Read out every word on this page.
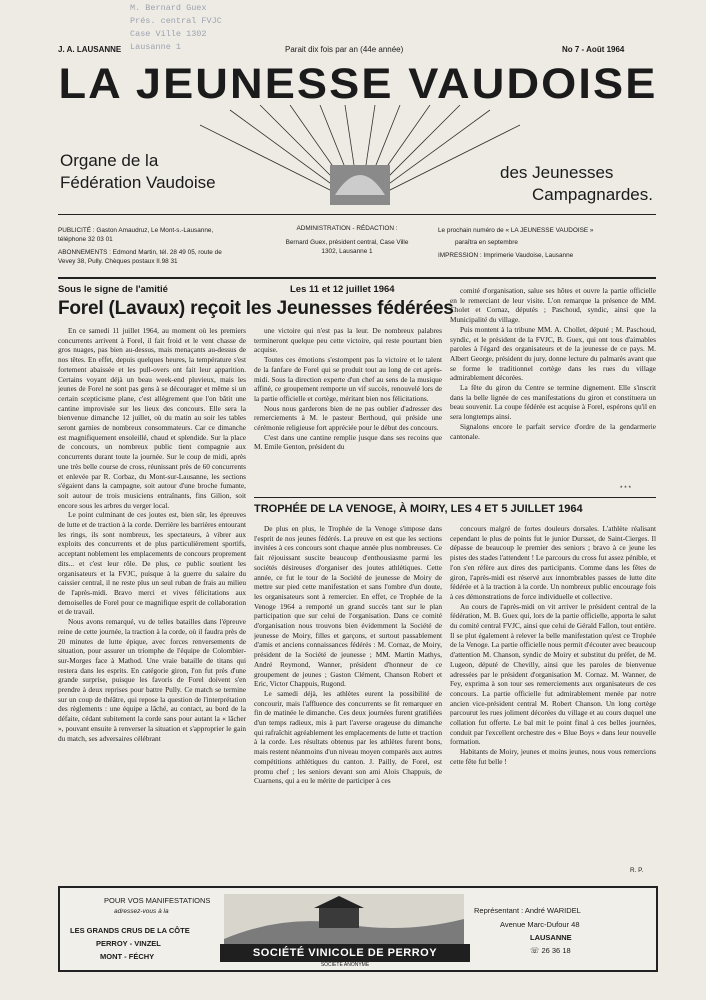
M. Bernard Guex
Prés. central FVJC
Case Ville 1302
Lausanne 1
J. A. LAUSANNE	Parait dix fois par an (44e année)	No 7 - Août 1964
LA JEUNESSE VAUDOISE
Organe de la
Fédération Vaudoise
des Jeunesses
Campagnardes.
PUBLICITÉ : Gaston Amaudruz, Le Mont-s.-Lausanne, téléphone 32 03 01
ABONNEMENTS : Edmond Martin, tél. 28 49 05, route de Vevey 38, Pully. Chèques postaux II.98 31
ADMINISTRATION - RÉDACTION :
Bernard Guex, président central, Case Ville 1302, Lausanne 1
Le prochain numéro de « LA JEUNESSE VAUDOISE »
paraîtra en septembre
IMPRESSION : Imprimerie Vaudoise, Lausanne
Sous le signe de l'amitié	Les 11 et 12 juillet 1964
Forel (Lavaux) reçoit les Jeunesses fédérées

En ce samedi 11 juillet 1964, au moment où les premiers concurrents arrivent à Forel, il fait froid et le vent chasse de gros nuages, pas bien au-dessus, mais menaçants au-dessus de nos têtes. En effet, depuis quelques heures, la température s'est fortement abaissée et les pull-overs ont fait leur apparition. Certains voyant déjà un beau week-end pluvieux, mais les jeunes de Forel ne sont pas gens à se décourager et même si un certain scepticisme plane, c'est allègrement que l'on bâtit une cantine improvisée sur les lieux des concours. Elle sera la bienvenue dimanche 12 juillet, où du matin au soir les tables seront garnies de nombreux consommateurs. Car ce dimanche est magnifiquement ensoleillé, chaud et splendide. Sur la place de concours, un nombreux public tient compagnie aux concurrents durant toute la journée. Sur le coup de midi, après une très belle course de cross, réunissant près de 60 concurrents et enlevée par R. Corbaz, du Mont-sur-Lausanne, les sections s'égaient dans la campagne, soit autour d'une broche fumante, soit autour de trois musiciens entraînants, fins Gilion, soit encore sous les arbres du verger local.

Le point culminant de ces joutes est, bien sûr, les épreuves de lutte et de traction à la corde. Derrière les barrières entourant les rings, ils sont nombreux, les spectateurs, à vibrer aux exploits des concurrents et de plus particulièrement sportifs, acceptant noblement les emplacements de concours proprement dits... et c'est leur rôle. De plus, ce public soutient les organisateurs et la FVJC, puisque à la guerre du salaire du caissier central, il ne reste plus un seul ruban de frais au milieu de l'après-midi. Bravo merci et vives félicitations aux demoiselles de Forel pour ce magnifique esprit de collaboration et de travail.

Nous avons remarqué, vu de telles batailles dans l'épreuve reine de cette journée, la traction à la corde, où il faudra près de 20 minutes de lutte épique, avec forces renversements de situation, pour assurer un triomphe de l'équipe de Colombier-sur-Morges face à Mathod. Une vraie bataille de titans qui restera dans les esprits. En catégorie giron, l'on fut près d'une grande surprise, puisque les favoris de Forel doivent s'en prendre à deux reprises pour battre Pully. Ce match se termine sur un coup de théâtre, qui repose la question de l'interprétation des règlements : une équipe a lâché, au contact, au bord de la défaite, cédant subitement la corde sans pour autant la « lâcher », pouvant ensuite à renverser la situation et s'approprier le gain du match, ses adversaires célébrant

une victoire qui n'est pas la leur. De nombreux palabres termineront quelque peu cette victoire, qui reste pourtant bien acquise.

Toutes ces émotions s'estompent pas la victoire et le talent de la fanfare de Forel qui se produit tout au long de cet après-midi. Sous la direction experte d'un chef au sens de la musique affiné, ce groupement remporte un vif succès, renouvelé lors de la partie officielle et cortège, méritant bien nos félicitations.

Nous nous garderons bien de ne pas oublier d'adresser des remerciements à M. le pasteur Berthoud, qui préside une cérémonie religieuse fort appréciée pour le début des concours.

C'est dans une cantine remplie jusque dans ses recoins que M. Emile Genton, président du

comité d'organisation, salue ses hôtes et ouvre la partie officielle en le remerciant de leur visite. L'on remarque la présence de MM. Cholet et Cornaz, députés ; Paschoud, syndic, ainsi que la Municipalité du village.

Puis montent à la tribune MM. A. Chollet, député ; M. Paschoud, syndic, et le président de la FVJC, B. Guex, qui ont tous d'aimables paroles à l'égard des organisateurs et de la jeunesse de ce pays. M. Albert George, président du jury, donne lecture du palmarès avant que se forme le traditionnel cortège dans les rues du village admirablement décorées.

La fête du giron du Centre se termine dignement. Elle s'inscrit dans la belle lignée de ces manifestations du giron et constituera un beau souvenir. La coupe fédérée est acquise à Forel, espérons qu'il en sera longtemps ainsi.

Signalons encore le parfait service d'ordre de la gendarmerie cantonale.

* * *
TROPHÉE DE LA VENOGE, À MOIRY, LES 4 ET 5 JUILLET 1964

De plus en plus, le Trophée de la Venoge s'impose dans l'esprit de nos jeunes fédérés. La preuve en est que les sections invitées à ces concours sont chaque année plus nombreuses. Ce fait réjouissant suscite beaucoup d'enthousiasme parmi les sociétés désireuses d'organiser des joutes athlétiques. Cette année, ce fut le tour de la Société de jeunesse de Moiry de mettre sur pied cette manifestation et sans l'ombre d'un doute, les organisateurs sont à remercier. En effet, ce Trophée de la Venoge 1964 a remporté un grand succès tant sur le plan participation que sur celui de l'organisation. Dans ce comité d'organisation nous trouvons bien évidemment la Société de jeunesse de Moiry, filles et garçons, et surtout passablement d'amis et anciens connaissances fédérés : M. Cornaz, de Moiry, président de la Société de jeunesse ; MM. Martin Mathys, André Reymond, Wanner, président d'honneur de ce groupement de jeunes ; Gaston Clément, Chanson Robert et Eric, Victor Chappuis, Rugond.

Le samedi déjà, les athlètes eurent la possibilité de concourir, mais l'affluence des concurrents se fit remarquer en fin de matinée le dimanche. Ces deux journées furent gratifiées d'un temps radieux, mis à part l'averse orageuse du dimanche qui rafraîchit agréablement les emplacements de lutte et traction à la corde. Les résultats obtenus par les athlètes furent bons, mais restent néanmoins d'un niveau moyen comparés aux autres compétitions athlétiques du canton. J. Pailly, de Forel, est promu chef ; les seniors devant son ami Alois Chappuis, de Cuarnens, qui a eu le mérite de participer à ces

concours malgré de fortes douleurs dorsales. L'athlète réalisant cependant le plus de points fut le junior Dursset, de Saint-Cierges. Il dépasse de beaucoup le premier des seniors ; bravo à ce jeune les pistes des stades l'attendent ! Le parcours du cross fut assez pénible, et l'on s'en réfère aux dires des participants. Comme dans les fêtes de giron, l'après-midi est réservé aux innombrables passes de lutte dite fédérée et à la traction à la corde. Un nombreux public encourage fois à ces démonstrations de force individuelle et collective.

Au cours de l'après-midi on vit arriver le président central de la fédération, M. B. Guex qui, lors de la partie officielle, apporta le salut du comité central FVJC, ainsi que celui de Gérald Fallon, tout entière. Il se plut également à relever la belle manifestation qu'est ce Trophée de la Venoge. La partie officielle nous permit d'écouter avec beaucoup d'attention M. Chanson, syndic de Moiry et substitut du préfet, de M. Lugeon, député de Chevilly, ainsi que les paroles de bienvenue adressées par le président d'organisation M. Cornaz. M. Wanner, de Fey, exprima à son tour ses remerciements aux organisateurs de ces concours. La partie officielle fut admirablement menée par notre ancien vice-président central M. Robert Chanson. Un long cortège parcourut les rues joliment décorées du village et au cours duquel une collation fut offerte. Le bal mit le point final à ces belles journées, conduit par l'excellent orchestre des « Blue Boys » dans leur nouvelle formation.

Habitants de Moiry, jeunes et moins jeunes, nous vous remercions cette fête fut belle !

R. P.
POUR VOS MANIFESTATIONS
adressez-vous à la
LES GRANDS CRUS DE LA CÔTE
PERROY - VINZEL
MONT - FÉCHY	SOCIÉTÉ VINICOLE DE PERROY
SOCIÉTÉ ANONYME
Représentant : André WARIDEL
Avenue Marc-Dufour 48
LAUSANNE
☏ 26 36 18
